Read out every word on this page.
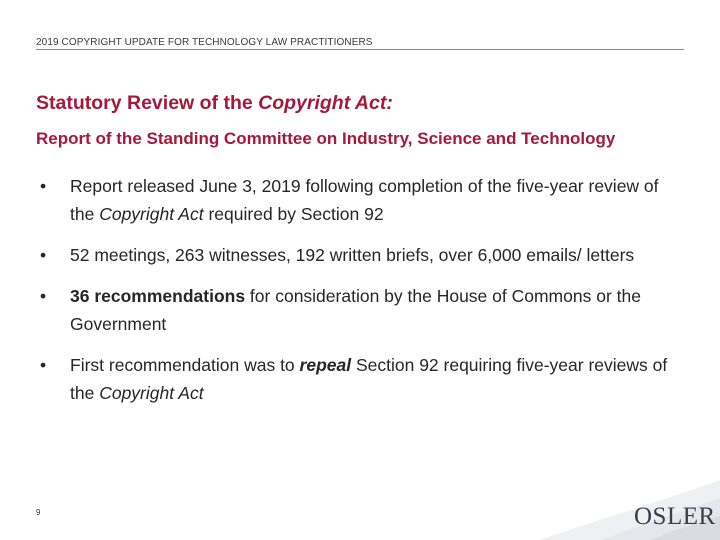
2019 COPYRIGHT UPDATE FOR TECHNOLOGY LAW PRACTITIONERS
Statutory Review of the Copyright Act:
Report of the Standing Committee on Industry, Science and Technology
• Report released June 3, 2019 following completion of the five-year review of the Copyright Act required by Section 92
• 52 meetings, 263 witnesses, 192 written briefs, over 6,000 emails/ letters
• 36 recommendations for consideration by the House of Commons or the Government
• First recommendation was to repeal Section 92 requiring five-year reviews of the Copyright Act
9	OSLER
